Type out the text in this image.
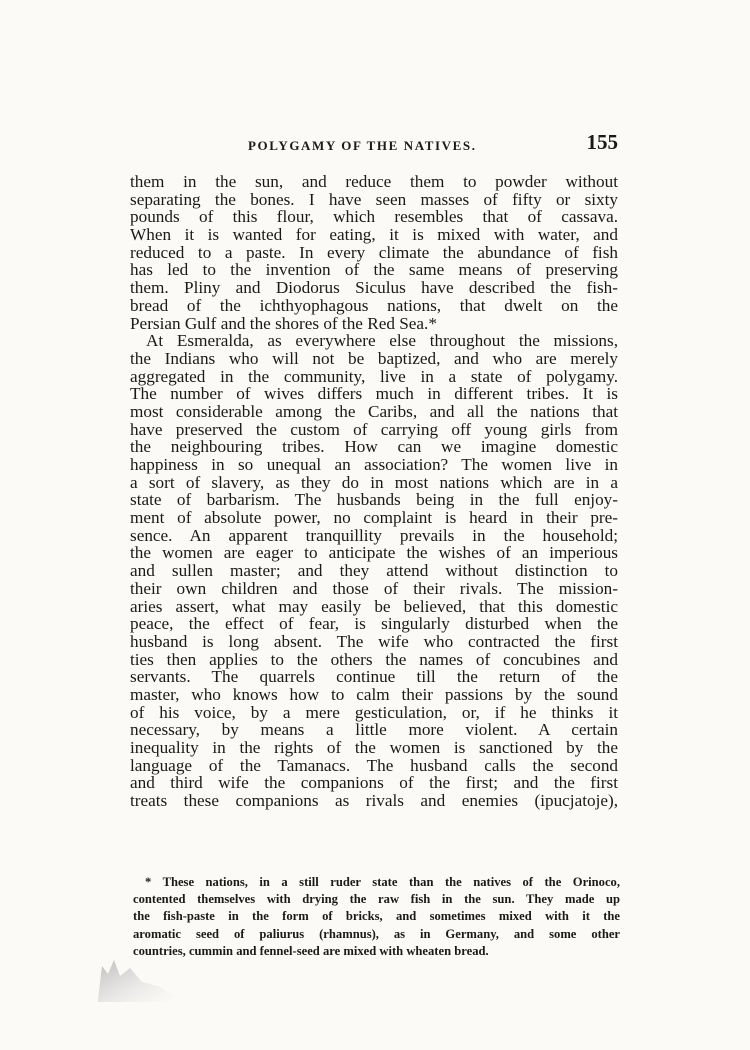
POLYGAMY OF THE NATIVES.	155
them in the sun, and reduce them to powder without
separating the bones. I have seen masses of fifty or sixty
pounds of this flour, which resembles that of cassava.
When it is wanted for eating, it is mixed with water, and
reduced to a paste. In every climate the abundance of fish
has led to the invention of the same means of preserving
them. Pliny and Diodorus Siculus have described the fish-
bread of the ichthyophagous nations, that dwelt on the
Persian Gulf and the shores of the Red Sea.*
At Esmeralda, as everywhere else throughout the missions,
the Indians who will not be baptized, and who are merely
aggregated in the community, live in a state of polygamy.
The number of wives differs much in different tribes. It is
most considerable among the Caribs, and all the nations that
have preserved the custom of carrying off young girls from
the neighbouring tribes. How can we imagine domestic
happiness in so unequal an association? The women live in
a sort of slavery, as they do in most nations which are in a
state of barbarism. The husbands being in the full enjoy-
ment of absolute power, no complaint is heard in their pre-
sence. An apparent tranquillity prevails in the household;
the women are eager to anticipate the wishes of an imperious
and sullen master; and they attend without distinction to
their own children and those of their rivals. The mission-
aries assert, what may easily be believed, that this domestic
peace, the effect of fear, is singularly disturbed when the
husband is long absent. The wife who contracted the first
ties then applies to the others the names of concubines and
servants. The quarrels continue till the return of the
master, who knows how to calm their passions by the sound
of his voice, by a mere gesticulation, or, if he thinks it
necessary, by means a little more violent. A certain
inequality in the rights of the women is sanctioned by the
language of the Tamanacs. The husband calls the second
and third wife the companions of the first; and the first
treats these companions as rivals and enemies (ipucjatoje),
* These nations, in a still ruder state than the natives of the Orinoco,
contented themselves with drying the raw fish in the sun. They made up
the fish-paste in the form of bricks, and sometimes mixed with it the
aromatic seed of paliurus (rhamnus), as in Germany, and some other
countries, cummin and fennel-seed are mixed with wheaten bread.
